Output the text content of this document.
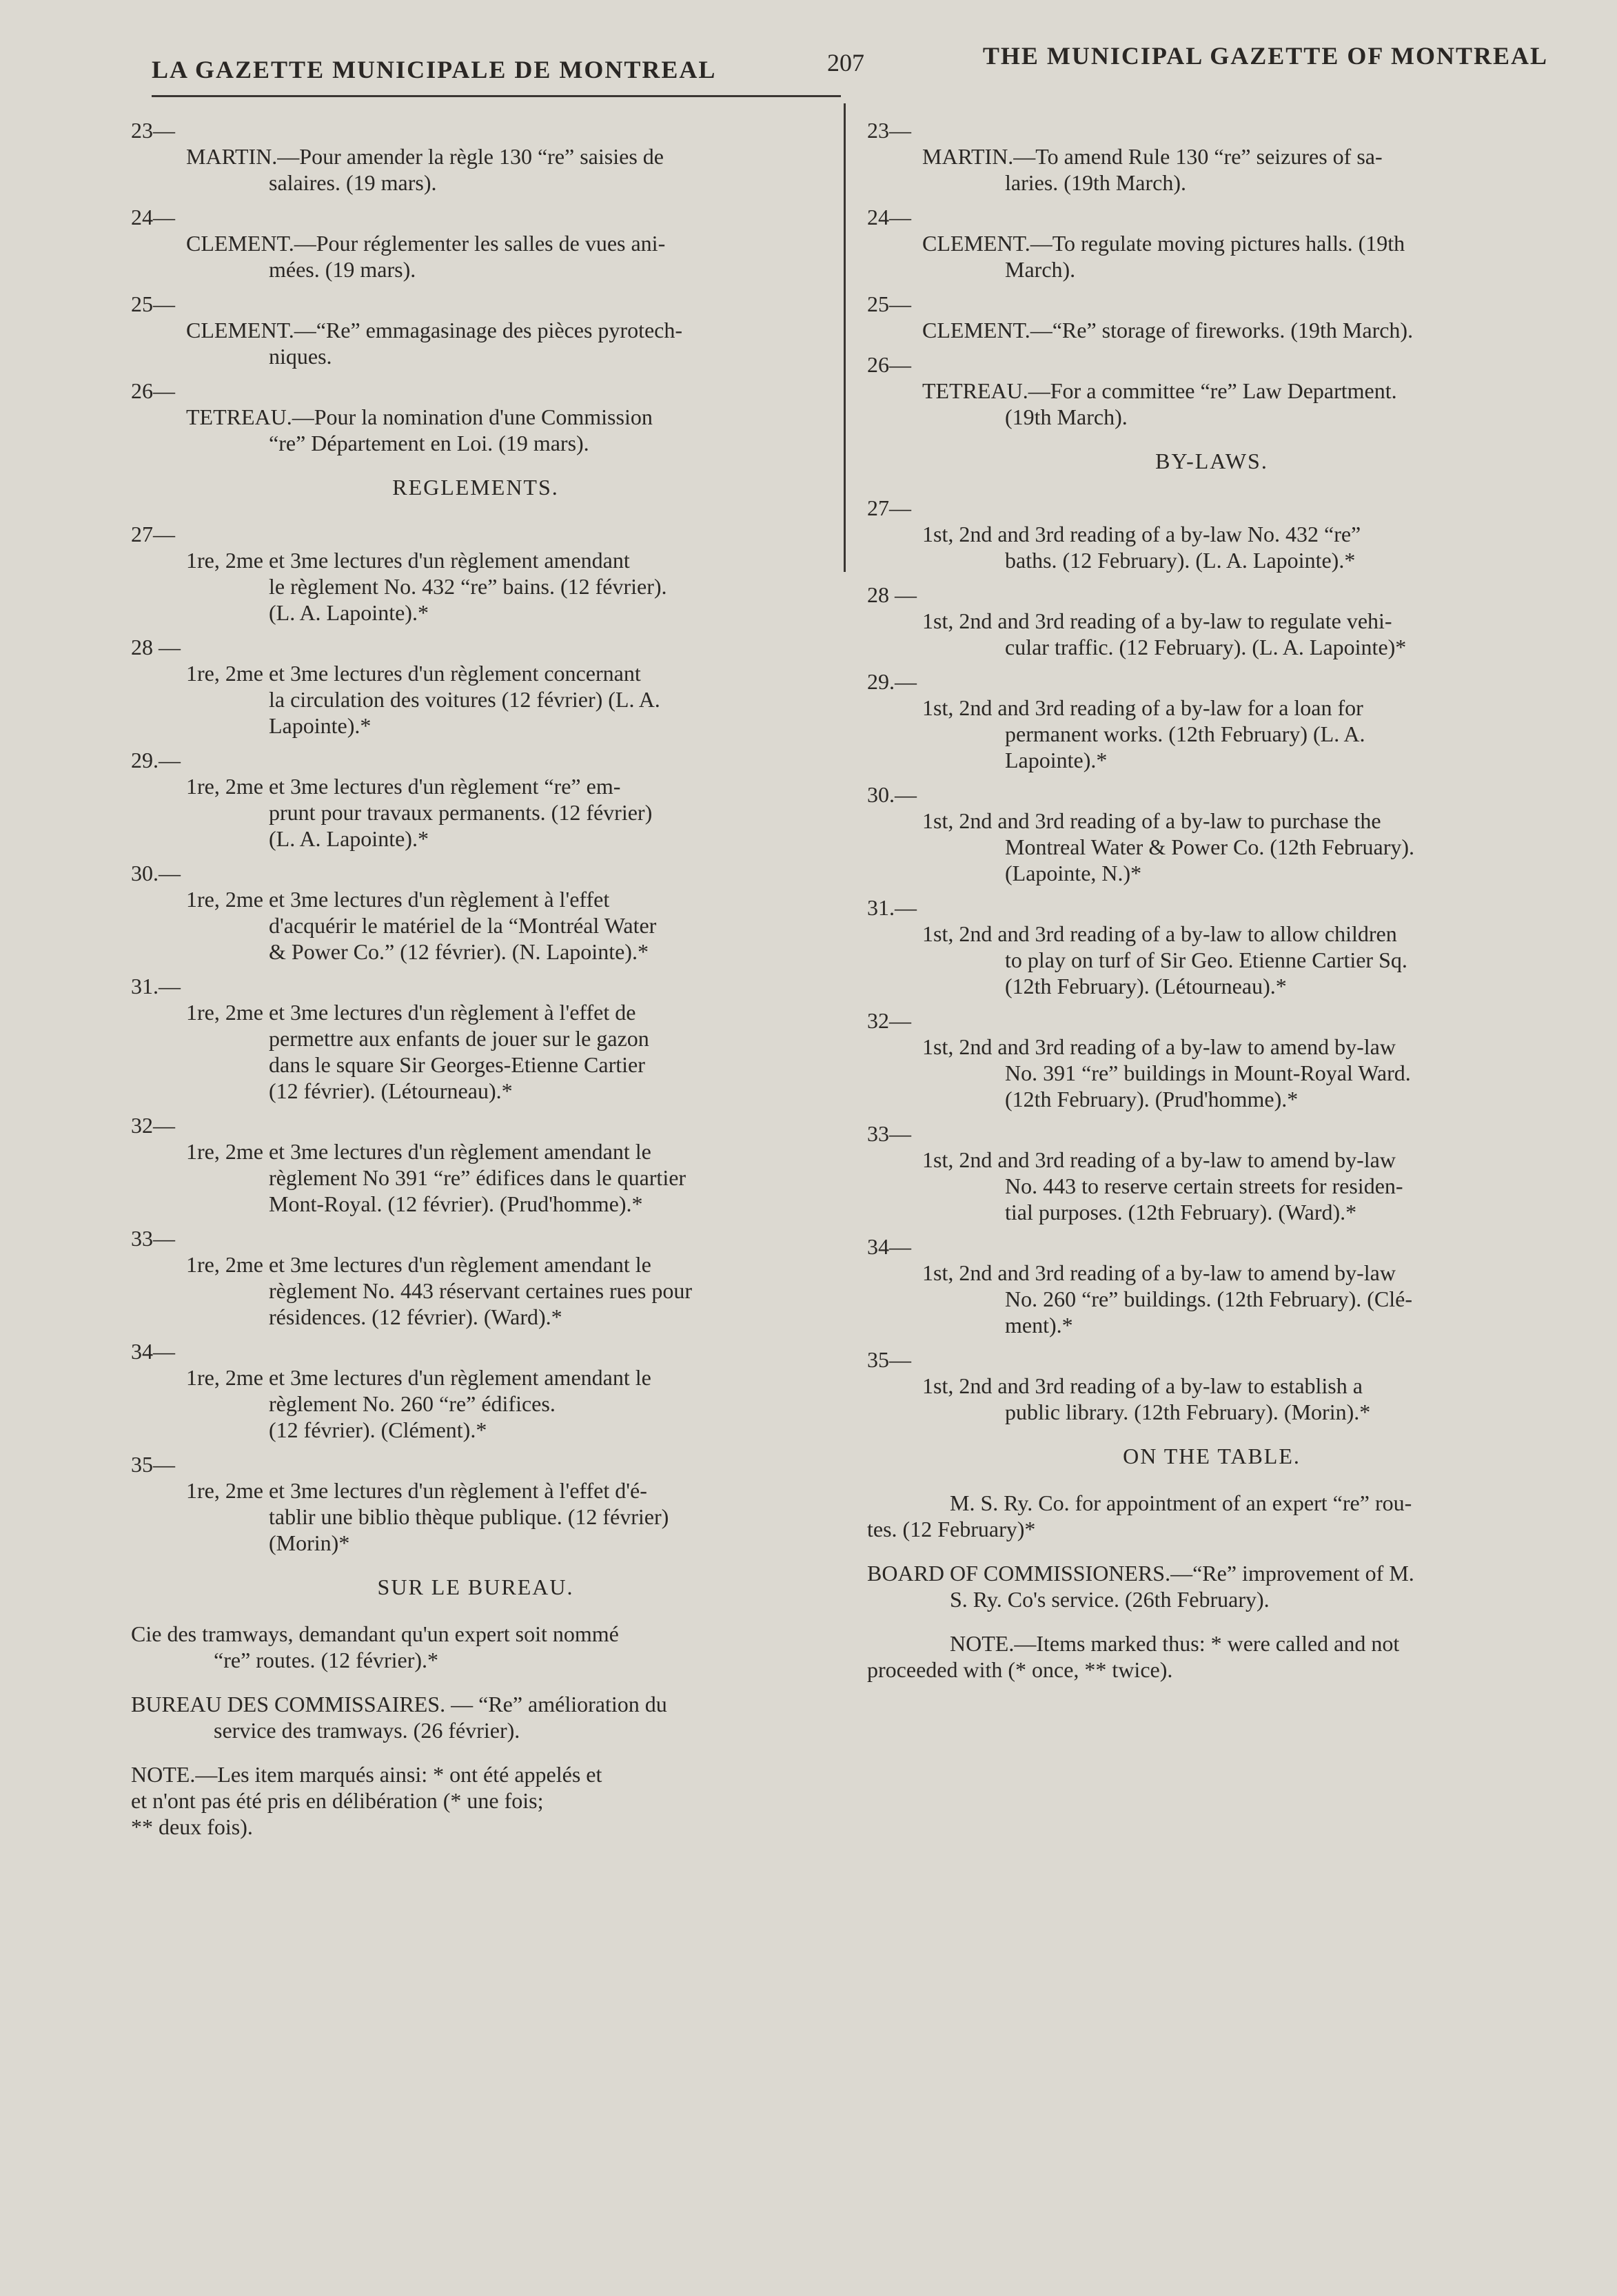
LA GAZETTE MUNICIPALE DE MONTREAL	207	THE MUNICIPAL GAZETTE OF MONTREAL
23—
MARTIN.—Pour amender la règle 130 “re” saisies de
salaires. (19 mars).
24—
CLEMENT.—Pour réglementer les salles de vues ani-
mées. (19 mars).
25—
CLEMENT.—“Re” emmagasinage des pièces pyrotech-
niques.
26—
TETREAU.—Pour la nomination d'une Commission
“re” Département en Loi. (19 mars).
REGLEMENTS.
27—
1re, 2me et 3me lectures d'un règlement amendant
le règlement No. 432 “re” bains. (12 février).
(L. A. Lapointe).*
28 —
1re, 2me et 3me lectures d'un règlement concernant
la circulation des voitures (12 février) (L. A.
Lapointe).*
29.—
1re, 2me et 3me lectures d'un règlement “re” em-
prunt pour travaux permanents. (12 février)
(L. A. Lapointe).*
30.—
1re, 2me et 3me lectures d'un règlement à l'effet
d'acquérir le matériel de la “Montréal Water
& Power Co.” (12 février). (N. Lapointe).*
31.—
1re, 2me et 3me lectures d'un règlement à l'effet de
permettre aux enfants de jouer sur le gazon
dans le square Sir Georges-Etienne Cartier
(12 février). (Létourneau).*
32—
1re, 2me et 3me lectures d'un règlement amendant le
règlement No 391 “re” édifices dans le quartier
Mont-Royal. (12 février). (Prud'homme).*
33—
1re, 2me et 3me lectures d'un règlement amendant le
règlement No. 443 réservant certaines rues pour
résidences. (12 février). (Ward).*
34—
1re, 2me et 3me lectures d'un règlement amendant le
règlement No. 260 “re” édifices.
(12 février). (Clément).*
35—
1re, 2me et 3me lectures d'un règlement à l'effet d'é-
tablir une biblio thèque publique. (12 février)
(Morin)*
SUR LE BUREAU.
Cie des tramways, demandant qu'un expert soit nommé
“re” routes. (12 février).*
BUREAU DES COMMISSAIRES. — “Re” amélioration du
service des tramways. (26 février).
NOTE.—Les item marqués ainsi: * ont été appelés et
et n'ont pas été pris en délibération (* une fois;
** deux fois).
23—
MARTIN.—To amend Rule 130 “re” seizures of sa-
laries. (19th March).
24—
CLEMENT.—To regulate moving pictures halls. (19th
March).
25—
CLEMENT.—“Re” storage of fireworks. (19th March).
26—
TETREAU.—For a committee “re” Law Department.
(19th March).
BY-LAWS.
27—
1st, 2nd and 3rd reading of a by-law No. 432 “re”
baths. (12 February). (L. A. Lapointe).*
28 —
1st, 2nd and 3rd reading of a by-law to regulate vehi-
cular traffic. (12 February). (L. A. Lapointe)*
29.—
1st, 2nd and 3rd reading of a by-law for a loan for
permanent works. (12th February) (L. A.
Lapointe).*
30.—
1st, 2nd and 3rd reading of a by-law to purchase the
Montreal Water & Power Co. (12th February).
(Lapointe, N.)*
31.—
1st, 2nd and 3rd reading of a by-law to allow children
to play on turf of Sir Geo. Etienne Cartier Sq.
(12th February). (Létourneau).*
32—
1st, 2nd and 3rd reading of a by-law to amend by-law
No. 391 “re” buildings in Mount-Royal Ward.
(12th February). (Prud'homme).*
33—
1st, 2nd and 3rd reading of a by-law to amend by-law
No. 443 to reserve certain streets for residen-
tial purposes. (12th February). (Ward).*
34—
1st, 2nd and 3rd reading of a by-law to amend by-law
No. 260 “re” buildings. (12th February). (Clé-
ment).*
35—
1st, 2nd and 3rd reading of a by-law to establish a
public library. (12th February). (Morin).*
ON THE TABLE.
M. S. Ry. Co. for appointment of an expert “re” rou-
tes. (12 February)*
BOARD OF COMMISSIONERS.—“Re” improvement of M.
S. Ry. Co's service. (26th February).
NOTE.—Items marked thus: * were called and not
proceeded with (* once, ** twice).
